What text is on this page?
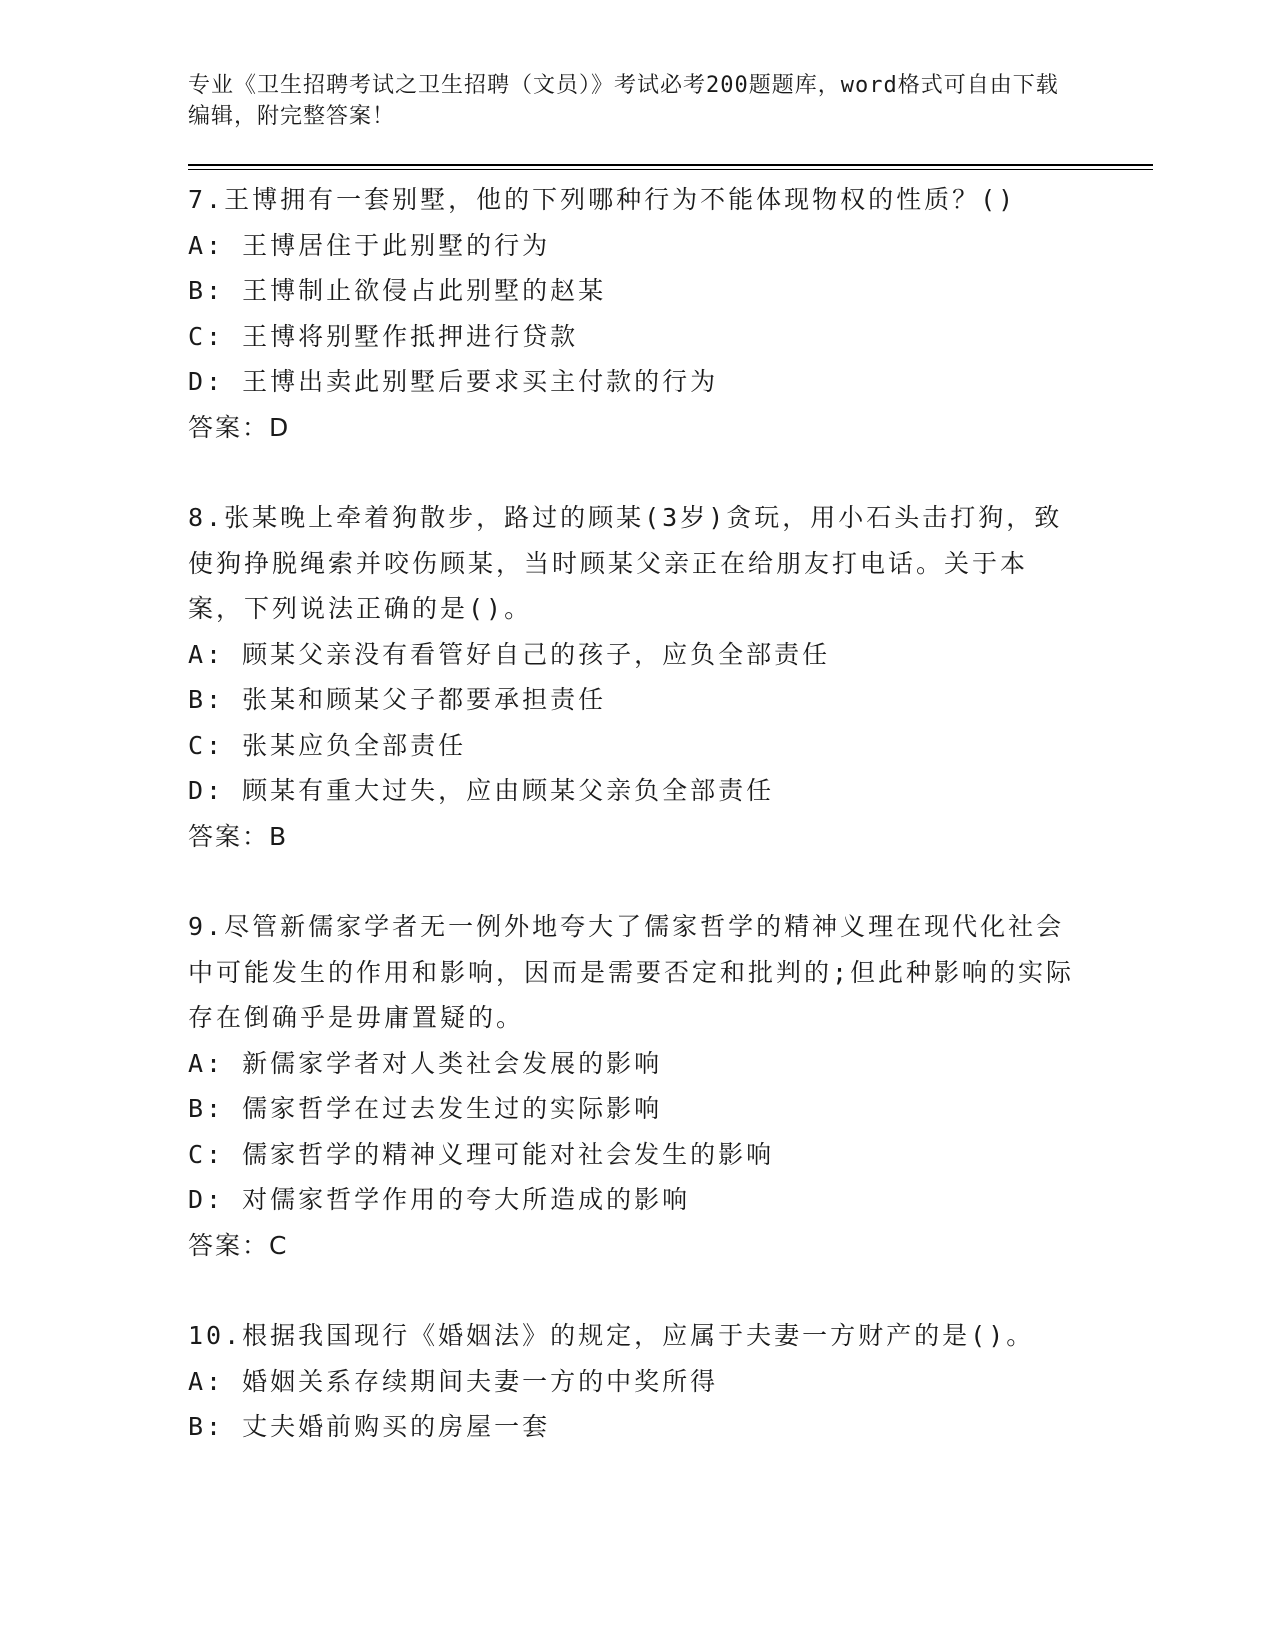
专业《卫生招聘考试之卫生招聘（文员）》考试必考200题题库，word格式可自由下载编辑，附完整答案！

7.王博拥有一套别墅，他的下列哪种行为不能体现物权的性质？()

A: 王博居住于此别墅的行为

B: 王博制止欲侵占此别墅的赵某

C: 王博将别墅作抵押进行贷款

D: 王博出卖此别墅后要求买主付款的行为

答案：D

8.张某晚上牵着狗散步，路过的顾某(3岁)贪玩，用小石头击打狗，致使狗挣脱绳索并咬伤顾某，当时顾某父亲正在给朋友打电话。关于本案，下列说法正确的是()。

A: 顾某父亲没有看管好自己的孩子，应负全部责任

B: 张某和顾某父子都要承担责任

C: 张某应负全部责任

D: 顾某有重大过失，应由顾某父亲负全部责任

答案：B

9.尽管新儒家学者无一例外地夸大了儒家哲学的精神义理在现代化社会中可能发生的作用和影响，因而是需要否定和批判的;但此种影响的实际存在倒确乎是毋庸置疑的。

A: 新儒家学者对人类社会发展的影响

B: 儒家哲学在过去发生过的实际影响

C: 儒家哲学的精神义理可能对社会发生的影响

D: 对儒家哲学作用的夸大所造成的影响

答案：C

10.根据我国现行《婚姻法》的规定，应属于夫妻一方财产的是()。

A: 婚姻关系存续期间夫妻一方的中奖所得

B: 丈夫婚前购买的房屋一套
